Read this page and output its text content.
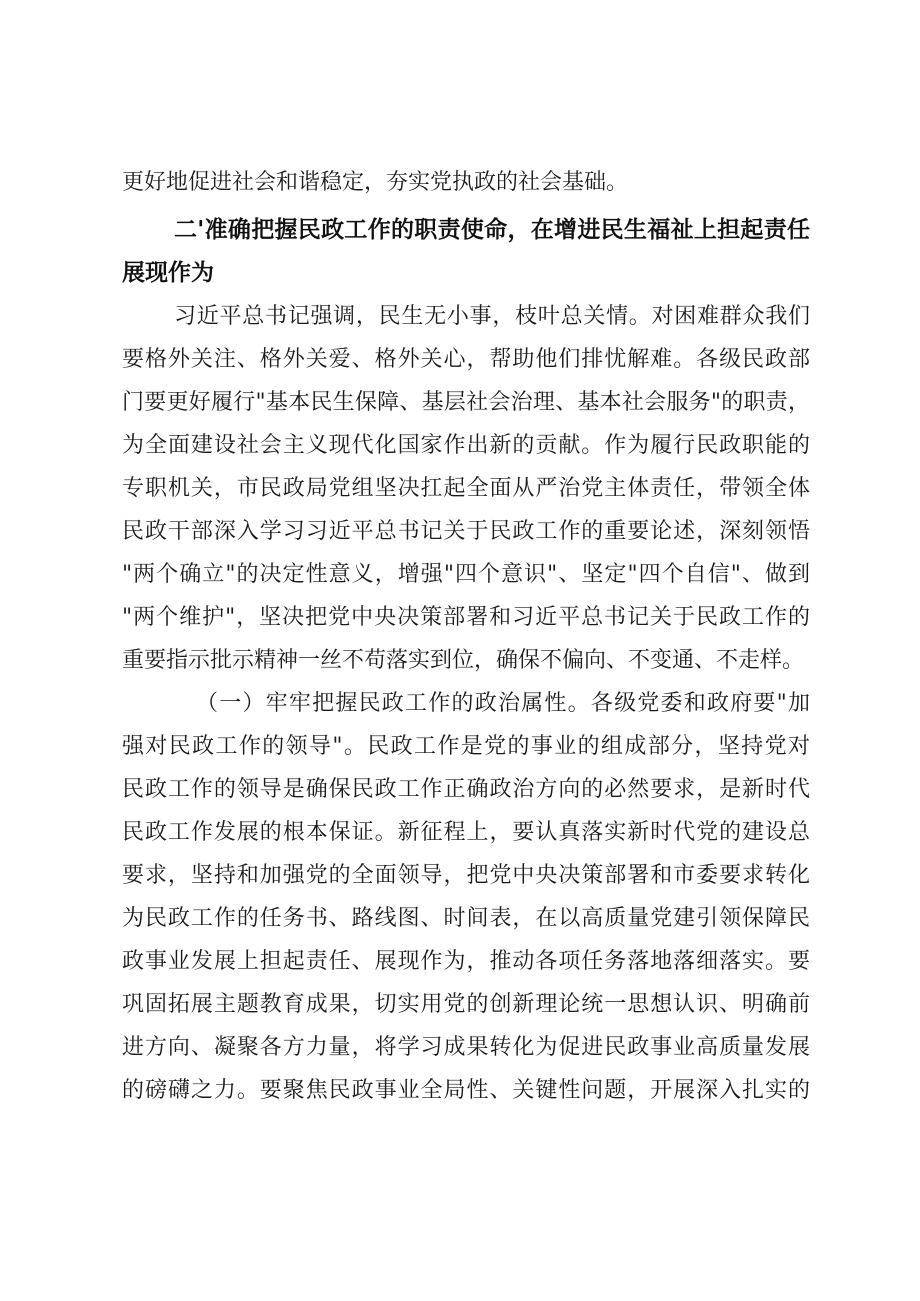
更好地促进社会和谐稳定，夯实党执政的社会基础。
二'准确把握民政工作的职责使命，在增进民生福祉上担起责任
展现作为
习近平总书记强调，民生无小事，枝叶总关情。对困难群众我们
要格外关注、格外关爱、格外关心，帮助他们排忧解难。各级民政部
门要更好履行"基本民生保障、基层社会治理、基本社会服务"的职责，
为全面建设社会主义现代化国家作出新的贡献。作为履行民政职能的
专职机关，市民政局党组坚决扛起全面从严治党主体责任，带领全体
民政干部深入学习习近平总书记关于民政工作的重要论述，深刻领悟
"两个确立"的决定性意义，增强"四个意识"、坚定"四个自信"、做到
"两个维护"，坚决把党中央决策部署和习近平总书记关于民政工作的
重要指示批示精神一丝不苟落实到位，确保不偏向、不变通、不走样。
（一）牢牢把握民政工作的政治属性。各级党委和政府要"加
强对民政工作的领导"。民政工作是党的事业的组成部分，坚持党对
民政工作的领导是确保民政工作正确政治方向的必然要求，是新时代
民政工作发展的根本保证。新征程上，要认真落实新时代党的建设总
要求，坚持和加强党的全面领导，把党中央决策部署和市委要求转化
为民政工作的任务书、路线图、时间表，在以高质量党建引领保障民
政事业发展上担起责任、展现作为，推动各项任务落地落细落实。要
巩固拓展主题教育成果，切实用党的创新理论统一思想认识、明确前
进方向、凝聚各方力量，将学习成果转化为促进民政事业高质量发展
的磅礴之力。要聚焦民政事业全局性、关键性问题，开展深入扎实的
